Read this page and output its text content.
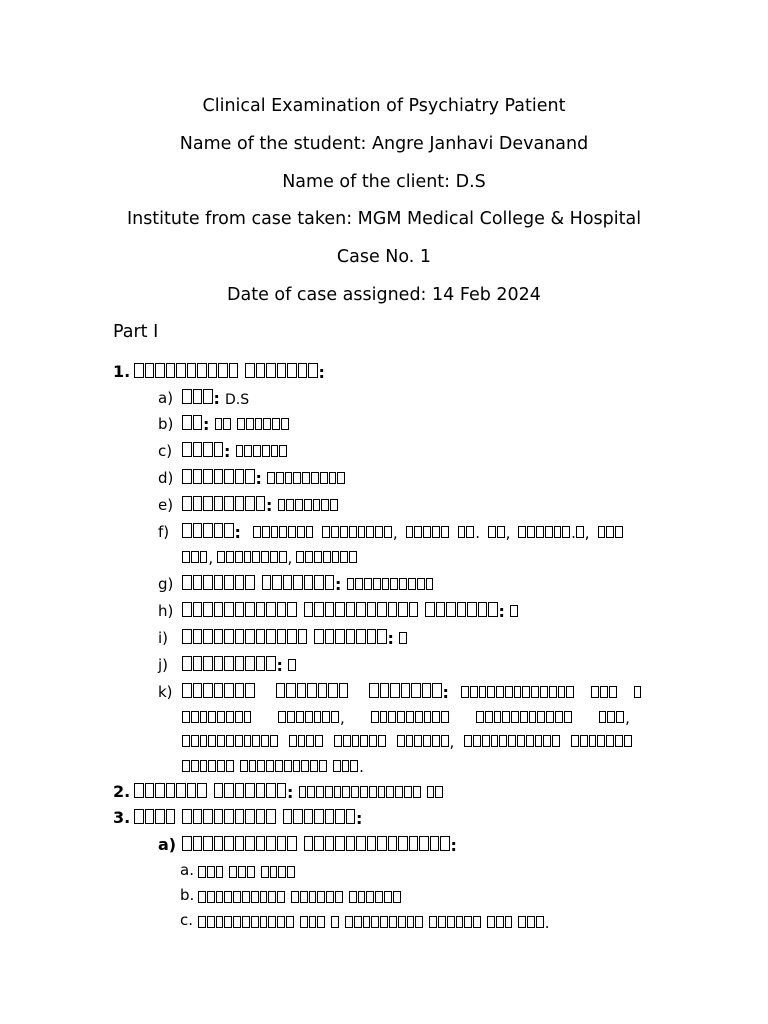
Clinical Examination of Psychiatry Patient
Name of the student: Angre Janhavi Devanand
Name of the client: D.S
Institute from case taken: MGM Medical College & Hospital
Case No. 1
Date of case assigned: 14 Feb 2024
Part I
1.	:
a)	: D.S
b)	:
c)	:
d)	:
e)	:
f)	:	,	. ,	. ,
,	,
g)	:
h)	:
i)	:
j)	:
k)	:
,	,
,
.
2.	:
3.	:
a)	:
a.
b.
c.	.
